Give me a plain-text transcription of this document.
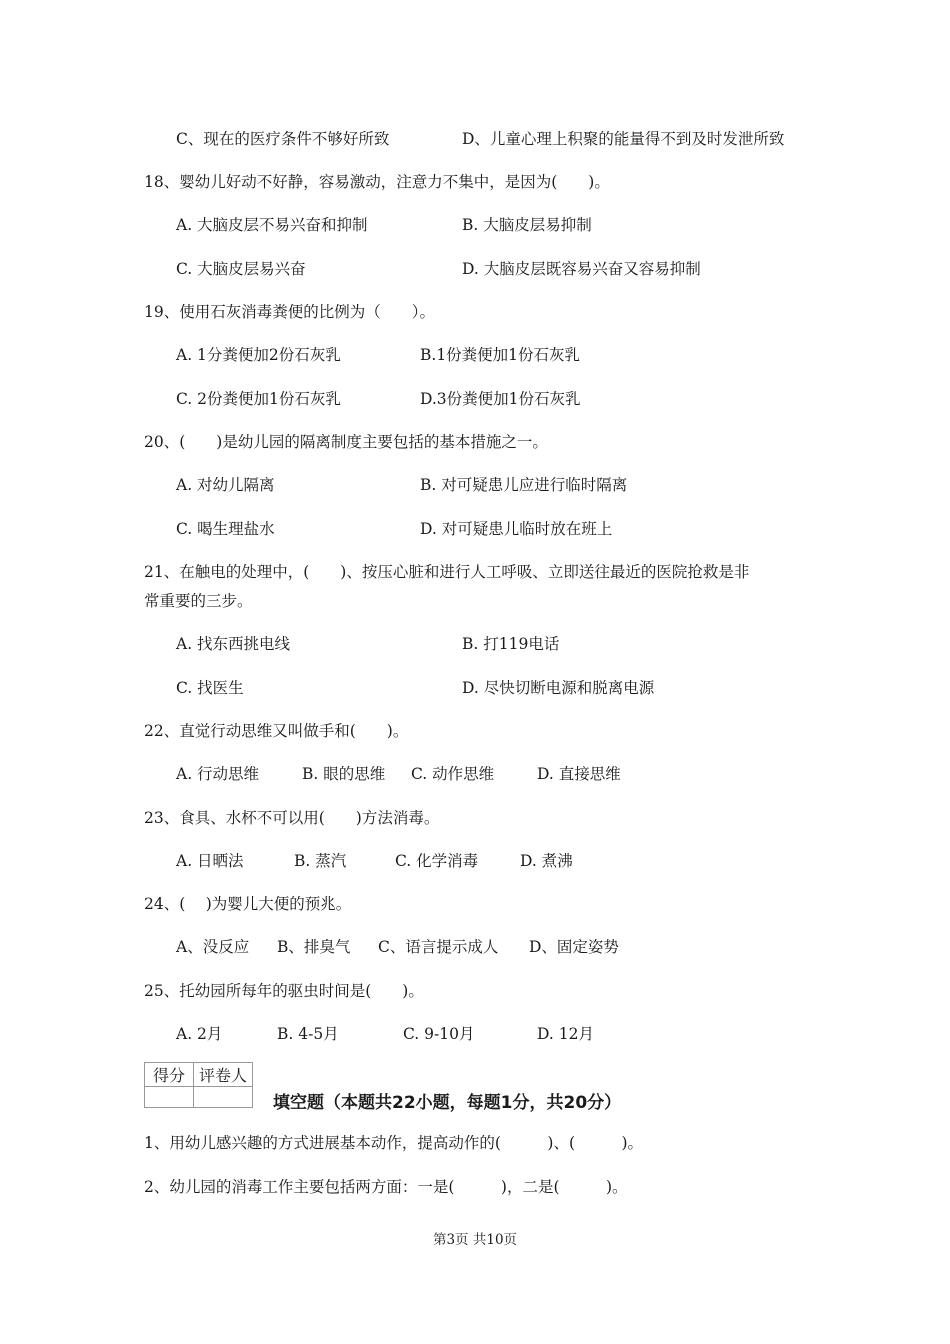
C、现在的医疗条件不够好所致	D、儿童心理上积聚的能量得不到及时发泄所致
18、婴幼儿好动不好静，容易激动，注意力不集中，是因为(　　)。
A. 大脑皮层不易兴奋和抑制	B. 大脑皮层易抑制
C. 大脑皮层易兴奋	D. 大脑皮层既容易兴奋又容易抑制
19、使用石灰消毒粪便的比例为（　　）。
A. 1分粪便加2份石灰乳	B.1份粪便加1份石灰乳
C. 2份粪便加1份石灰乳	D.3份粪便加1份石灰乳
20、(　　)是幼儿园的隔离制度主要包括的基本措施之一。
A. 对幼儿隔离	B. 对可疑患儿应进行临时隔离
C. 喝生理盐水	D. 对可疑患儿临时放在班上
21、在触电的处理中，(　　)、按压心脏和进行人工呼吸、立即送往最近的医院抢救是非
常重要的三步。
A. 找东西挑电线	B. 打119电话
C. 找医生	D. 尽快切断电源和脱离电源
22、直觉行动思维又叫做手和(　　)。
A. 行动思维	B. 眼的思维 C. 动作思维	D. 直接思维
23、食具、水杯不可以用(　　)方法消毒。
A. 日晒法	B. 蒸汽	C. 化学消毒	D. 煮沸
24、(　 )为婴儿大便的预兆。
A、没反应 B、排臭气 C、语言提示成人 D、固定姿势
25、托幼园所每年的驱虫时间是(　　)。
A. 2月	B. 4-5月	C. 9-10月	D. 12月
得分	评卷人

填空题（本题共22小题，每题1分，共20分）
1、用幼儿感兴趣的方式进展基本动作，提高动作的(　　　)、(　　　)。
2、幼儿园的消毒工作主要包括两方面：一是(　　　)，二是(　　　)。
第3页 共10页
